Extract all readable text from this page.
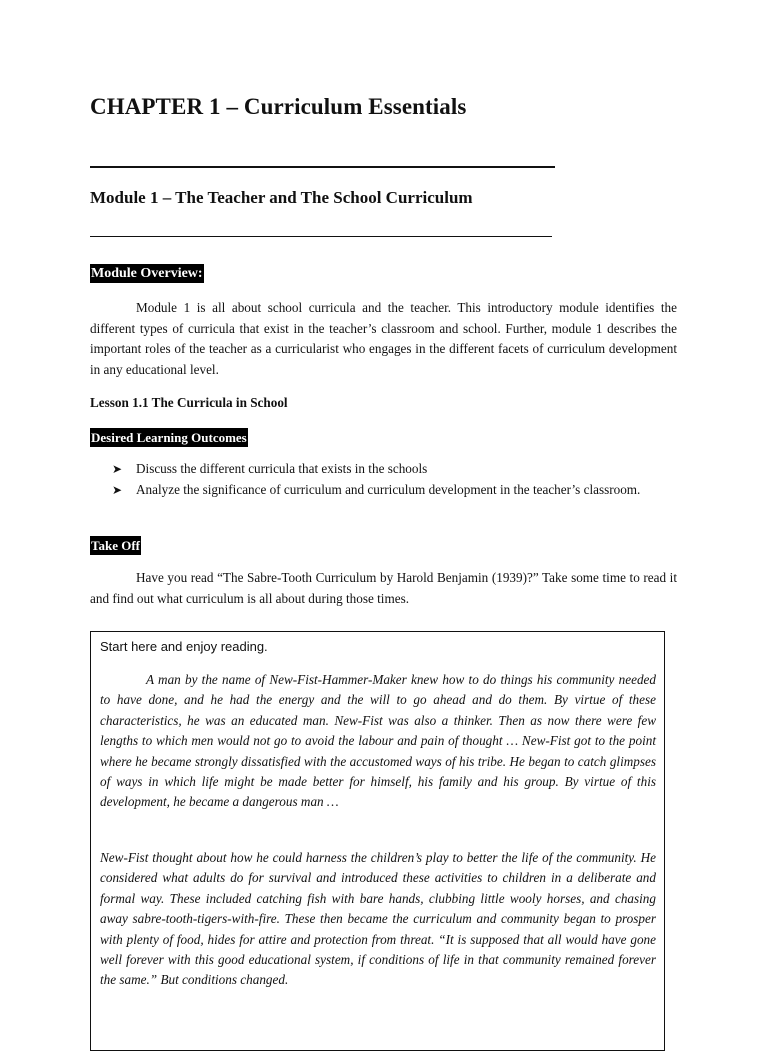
CHAPTER 1 – Curriculum Essentials
Module 1 – The Teacher and The School Curriculum
Module Overview:

Module 1 is all about school curricula and the teacher. This introductory module identifies the different types of curricula that exist in the teacher’s classroom and school. Further, module 1 describes the important roles of the teacher as a curricularist who engages in the different facets of curriculum development in any educational level.

Lesson 1.1 The Curricula in School

Desired Learning Outcomes
➤ Discuss the different curricula that exists in the schools
➤ Analyze the significance of curriculum and curriculum development in the teacher’s classroom.
Take Off

Have you read “The Sabre-Tooth Curriculum by Harold Benjamin (1939)?” Take some time to read it and find out what curriculum is all about during those times.

Start here and enjoy reading.

A man by the name of New-Fist-Hammer-Maker knew how to do things his community needed to have done, and he had the energy and the will to go ahead and do them. By virtue of these characteristics, he was an educated man. New-Fist was also a thinker. Then as now there were few lengths to which men would not go to avoid the labour and pain of thought … New-Fist got to the point where he became strongly dissatisfied with the accustomed ways of his tribe. He began to catch glimpses of ways in which life might be made better for himself, his family and his group. By virtue of this development, he became a dangerous man …

New-Fist thought about how he could harness the children’s play to better the life of the community. He considered what adults do for survival and introduced these activities to children in a deliberate and formal way. These included catching fish with bare hands, clubbing little wooly horses, and chasing away sabre-tooth-tigers-with-fire. These then became the curriculum and community began to prosper with plenty of food, hides for attire and protection from threat. “It is supposed that all would have gone well forever with this good educational system, if conditions of life in that community remained forever the same.” But conditions changed.
